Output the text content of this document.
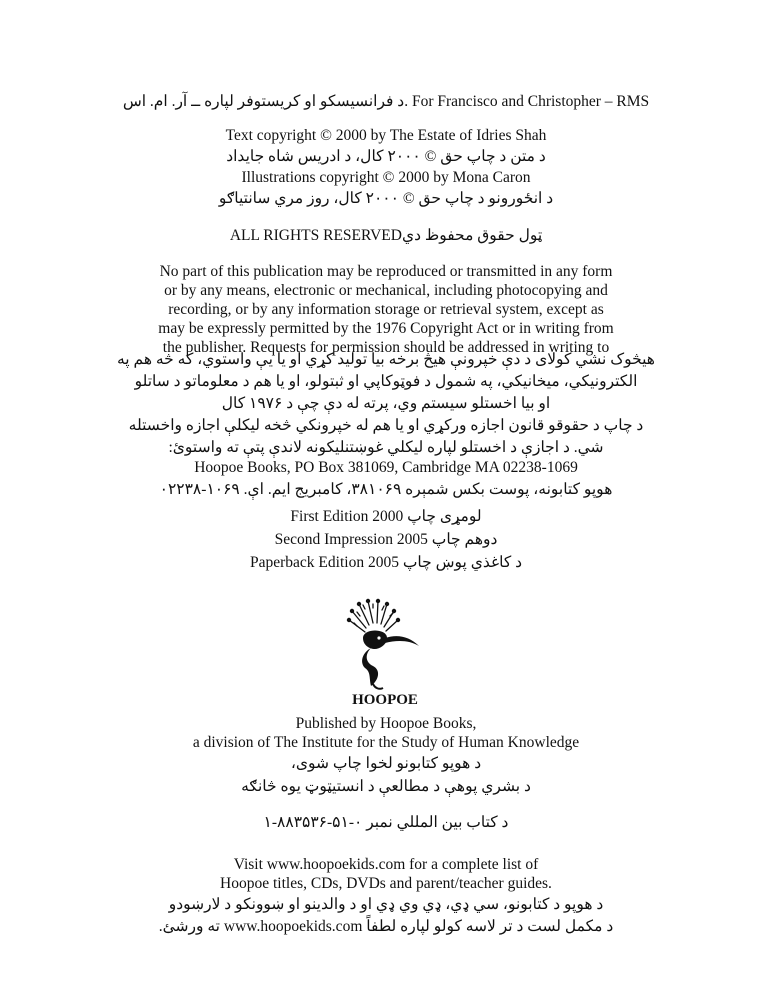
د فرانسيسکو او کريستوفر لپاره ــ آر. ام. اس. For Francisco and Christopher – RMS
Text copyright © 2000 by The Estate of Idries Shah
د متن د چاپ حق © ۲۰۰۰ کال، د ادريس شاه جايداد
Illustrations copyright © 2000 by Mona Caron
د انځورونو د چاپ حق © ۲۰۰۰ کال، روز مري سانتياګو
ټول حقوق محفوظ ديALL RIGHTS RESERVED
No part of this publication may be reproduced or transmitted in any form
or by any means, electronic or mechanical, including photocopying and
recording, or by any information storage or retrieval system, except as
may be expressly permitted by the 1976 Copyright Act or in writing from
the publisher. Requests for permission should be addressed in writing to
هيڅوک نشي کولای د دې خپرونې هيڅ برخه بيا توليد کړي او يا يې واستوي، که څه هم په
الکترونيکي، ميخانيکي، په شمول د فوټوکاپي او ثبتولو، او يا هم د معلوماتو د ساتلو
او بيا اخستلو سيستم وي، پرته له دې چې د ۱۹۷۶ کال
د چاپ د حقوقو قانون اجازه ورکړي او يا هم له خپرونکي څخه ليکلې اجازه واخستله
شي. د اجازې د اخستلو لپاره ليکلي غوښتنليکونه لاندې پتې ته واستوئ:
Hoopoe Books, PO Box 381069, Cambridge MA 02238-1069
هوپو کتابونه، پوست بکس شمېره ۳۸۱۰۶۹، کامبريج ايم. اې. ۱۰۶۹-۰۲۲۳۸
لومړی چاپ First Edition 2000
دوهم چاپ Second Impression 2005
د کاغذي پوښ چاپ Paperback Edition 2005
HOOPOE
Published by Hoopoe Books,
a division of The Institute for the Study of Human Knowledge
د هوپو کتابونو لخوا چاپ شوی،
د بشري پوهې د مطالعې د انستيټوټ يوه څانګه
د کتاب بين المللي نمبر ۰-۵۱-۸۸۳۵۳۶-۱
Visit www.hoopoekids.com for a complete list of
Hoopoe titles, CDs, DVDs and parent/teacher guides.
د هوپو د کتابونو، سي ډي، ډي وي ډي او د والدينو او ښوونکو د لارښودو
د مکمل لست د تر لاسه کولو لپاره لطفاً www.hoopoekids.com ته ورشئ.
